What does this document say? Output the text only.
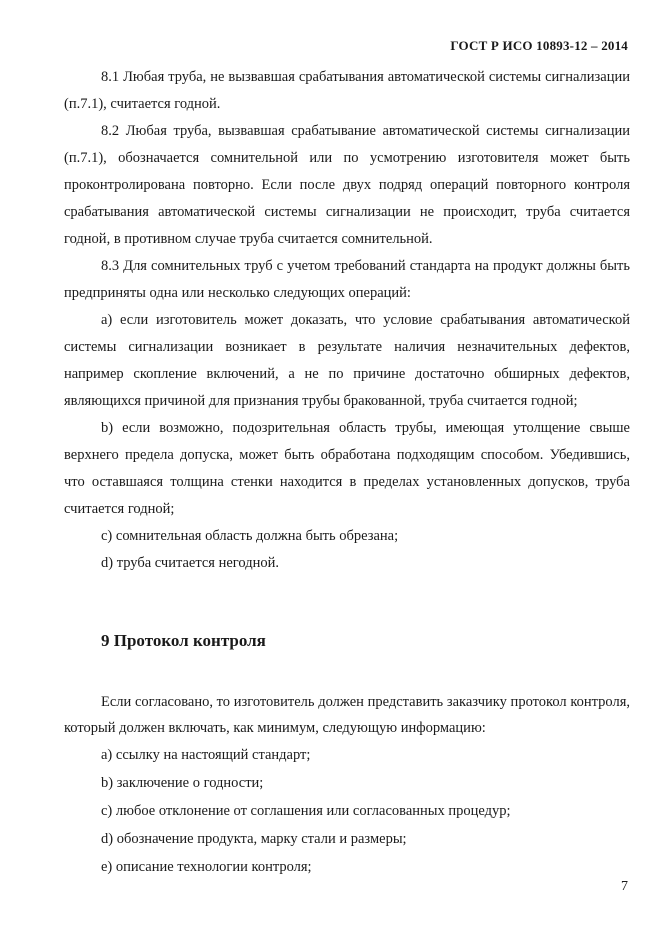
ГОСТ Р ИСО 10893-12 – 2014

8.1 Любая труба, не вызвавшая срабатывания автоматической системы сигнализации (п.7.1), считается годной.

8.2 Любая труба, вызвавшая срабатывание автоматической системы сигнализации (п.7.1), обозначается сомнительной или по усмотрению изготовителя может быть проконтролирована повторно. Если после двух подряд операций повторного контроля срабатывания автоматической системы сигнализации не происходит, труба считается годной, в противном случае труба считается сомнительной.

8.3 Для сомнительных труб с учетом требований стандарта на продукт должны быть предприняты одна или несколько следующих операций:

a) если изготовитель может доказать, что условие срабатывания автоматической системы сигнализации возникает в результате наличия незначительных дефектов, например скопление включений, а не по причине достаточно обширных дефектов, являющихся причиной для признания трубы бракованной, труба считается годной;

b) если возможно, подозрительная область трубы, имеющая утолщение свыше верхнего предела допуска, может быть обработана подходящим способом. Убедившись, что оставшаяся толщина стенки находится в пределах установленных допусков, труба считается годной;

c) сомнительная область должна быть обрезана;

d) труба считается негодной.

9 Протокол контроля

Если согласовано, то изготовитель должен представить заказчику протокол контроля, который должен включать, как минимум, следующую информацию:

a) ссылку на настоящий стандарт;

b) заключение о годности;

c) любое отклонение от соглашения или согласованных процедур;

d) обозначение продукта, марку стали и размеры;

e) описание технологии контроля;

7
